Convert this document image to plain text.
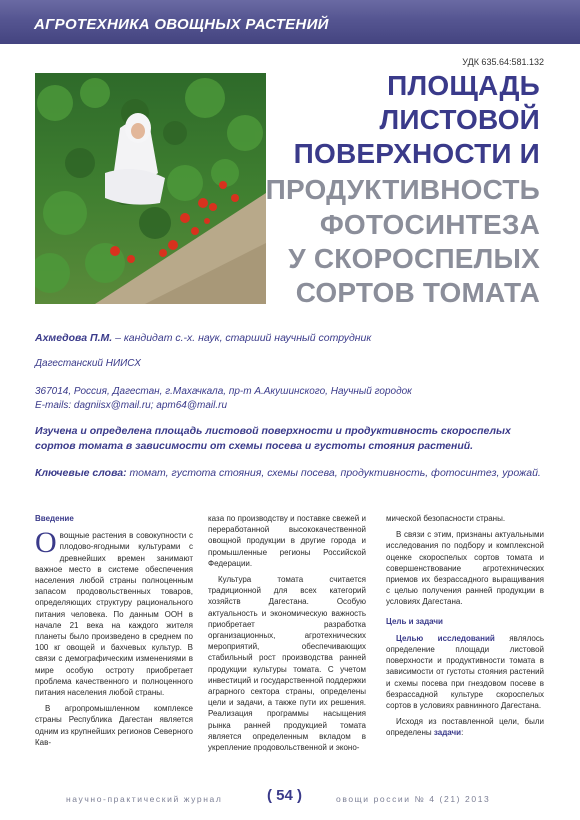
АГРОТЕХНИКА ОВОЩНЫХ РАСТЕНИЙ
УДК 635.64:581.132
ПЛОЩАДЬ
ЛИСТОВОЙ
ПОВЕРХНОСТИ И
ПРОДУКТИВНОСТЬ
ФОТОСИНТЕЗА
У СКОРОСПЕЛЫХ
СОРТОВ ТОМАТА
Ахмедова П.М. – кандидат с.-х. наук, старший научный сотрудник
Дагестанский НИИСХ
367014, Россия, Дагестан, г.Махачкала, пр-т А.Акушинского, Научный городок
E-mails: dagniisx@mail.ru; apm64@mail.ru
Изучена и определена площадь листовой поверхности и продуктивность скороспелых сортов томата в зависимости от схемы посева и густоты стояния растений.
Ключевые слова: томат, густота стояния, схемы посева, продуктивность, фотосинтез, урожай.
Введение

Овощные растения в совокупности с плодово-ягодными культурами с древнейших времен занимают важное место в системе обеспечения населения любой страны полноценным запасом продовольственных товаров, определяющих структуру рационального питания человека. По данным ООН в начале 21 века на каждого жителя планеты было произведено в среднем по 100 кг овощей и бахчевых культур. В связи с демографическим изменениями в мире особую остроту приобретает проблема качественного и полноценного питания населения любой страны.

В агропромышленном комплексе страны Республика Дагестан является одним из крупнейших регионов Северного Кав-

каза по производству и поставке свежей и переработанной высококачественной овощной продукции в другие города и промышленные регионы Российской Федерации.

Культура томата считается традиционной для всех категорий хозяйств Дагестана. Особую актуальность и экономическую важность приобретает разработка организационных, агротехнических мероприятий, обеспечивающих стабильный рост производства ранней продукции культуры томата. С учетом инвестиций и государственной поддержки аграрного сектора страны, определены цели и задачи, а также пути их решения. Реализация программы насыщения рынка ранней продукцией томата является определенным вкладом в укрепление продовольственной и эконо-

мической безопасности страны.

В связи с этим, признаны актуальными исследования по подбору и комплексной оценке скороспелых сортов томата и совершенствование агротехнических приемов их безрассадного выращивания с целью получения ранней продукции в условиях Дагестана.

Цель и задачи

Целью исследований являлось определение площади листовой поверхности и продуктивности томата в зависимости от густоты стояния растений и схемы посева при гнездовом посеве в безрассадной культуре скороспелых сортов в условиях равнинного Дагестана.

Исходя из поставленной цели, были определены задачи:

научно-практический журнал	( 54 )	овощи россии № 4 (21) 2013
